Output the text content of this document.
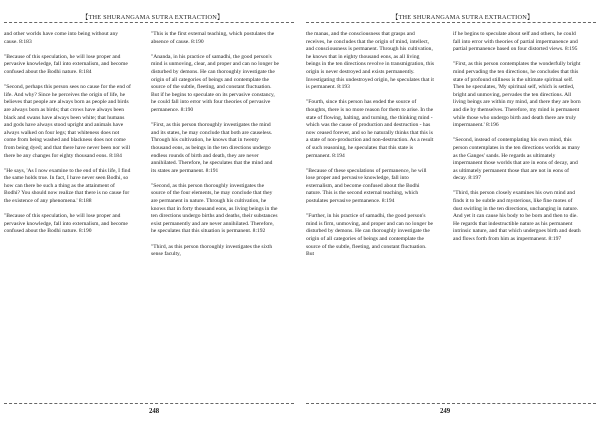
【THE SHURANGAMA SUTRA EXTRACTION】

and other worlds have come into being without any cause. 8:183

"Because of this speculation, he will lose proper and pervasive knowledge, fall into externalism, and become confused about the Bodhi nature. 8:184

"Second, perhaps this person sees no cause for the end of life. And why? Since he perceives the origin of life, he believes that people are always born as people and birds are always born as birds; that crows have always been black and swans have always been white; that humans and gods have always stood upright and animals have always walked on four legs; that whiteness does not come from being washed and blackness does not come from being dyed; and that there have never been nor will there be any changes for eighty thousand eons. 8:184

"He says, 'As I now examine to the end of this life, I find the same holds true. In fact, I have never seen Bodhi, so how can there be such a thing as the attainment of Bodhi? You should now realize that there is no cause for the existence of any phenomena.' 8:188

"Because of this speculation, he will lose proper and pervasive knowledge, fall into externalism, and become confused about the Bodhi nature. 8:190

"This is the first external teaching, which postulates the absence of cause. 8:190

"Ananda, in his practice of samadhi, the good person's mind is unmoving, clear, and proper and can no longer be disturbed by demons. He can thoroughly investigate the origin of all categories of beings and contemplate the source of the subtle, fleeting, and constant fluctuation. But if he begins to speculate on its pervasive constancy, he could fall into error with four theories of pervasive permanence. 8:190

"First, as this person thoroughly investigates the mind and its states, he may conclude that both are causeless. Through his cultivation, he knows that in twenty thousand eons, as beings in the ten directions undergo endless rounds of birth and death, they are never annihilated. Therefore, he speculates that the mind and its states are permanent. 8:191

"Second, as this person thoroughly investigates the source of the four elements, he may conclude that they are permanent in nature. Through his cultivation, he knows that in forty thousand eons, as living beings in the ten directions undergo births and deaths, their substances exist permanently and are never annihilated. Therefore, he speculates that this situation is permanent. 8:192

"Third, as this person thoroughly investigates the sixth sense faculty,

248
【THE SHURANGAMA SUTRA EXTRACTION】

the manas, and the consciousness that grasps and receives, he concludes that the origin of mind, intellect, and consciousness is permanent. Through his cultivation, he knows that in eighty thousand eons, as all living beings in the ten directions revolve in transmigration, this origin is never destroyed and exists permanently. Investigating this undestroyed origin, he speculates that it is permanent. 8:193

"Fourth, since this person has ended the source of thoughts, there is no more reason for them to arise. In the state of flowing, halting, and turning, the thinking mind - which was the cause of production and destruction - has now ceased forever, and so he naturally thinks that this is a state of non-production and non-destruction. As a result of such reasoning, he speculates that this state is permanent. 8:194

"Because of these speculations of permanence, he will lose proper and pervasive knowledge, fall into externalism, and become confused about the Bodhi nature. This is the second external teaching, which postulates pervasive permanence. 8:194

"Further, in his practice of samadhi, the good person's mind is firm, unmoving, and proper and can no longer be disturbed by demons. He can thoroughly investigate the origin of all categories of beings and contemplate the source of the subtle, fleeting, and constant fluctuation. But

if he begins to speculate about self and others, he could fall into error with theories of partial impermanence and partial permanence based on four distorted views. 8:195

"First, as this person contemplates the wonderfully bright mind pervading the ten directions, he concludes that this state of profound stillness is the ultimate spiritual self. Then he speculates, 'My spiritual self, which is settled, bright and unmoving, pervades the ten directions. All living beings are within my mind, and there they are born and die by themselves. Therefore, my mind is permanent while those who undergo birth and death there are truly impermanent.' 8:196

"Second, instead of contemplating his own mind, this person contemplates in the ten directions worlds as many as the Ganges' sands. He regards as ultimately impermanent those worlds that are in eons of decay, and as ultimately permanent those that are not in eons of decay. 8:197

"Third, this person closely examines his own mind and finds it to be subtle and mysterious, like fine motes of dust swirling in the ten directions, unchanging in nature. And yet it can cause his body to be born and then to die. He regards that indestructible nature as his permanent intrinsic nature, and that which undergoes birth and death and flows forth from him as impermanent. 8:197

249
